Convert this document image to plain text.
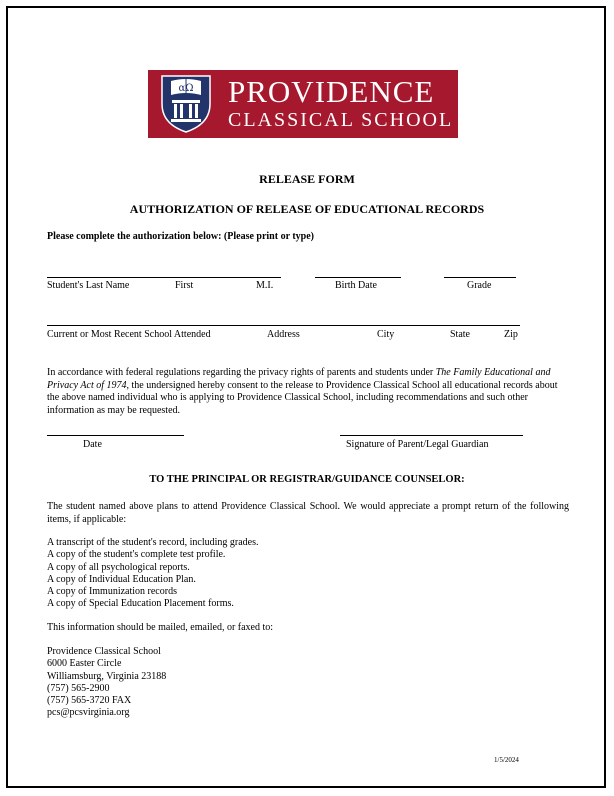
αΩ PROVIDENCE
CLASSICAL SCHOOL
RELEASE FORM
AUTHORIZATION OF RELEASE OF EDUCATIONAL RECORDS
Please complete the authorization below: (Please print or type)
Student's Last Name	First	M.I.	Birth Date	Grade
Current or Most Recent School Attended	Address	City	State	Zip
In accordance with federal regulations regarding the privacy rights of parents and students under The Family Educational and Privacy Act of 1974, the undersigned hereby consent to the release to Providence Classical School all educational records about the above named individual who is applying to Providence Classical School, including recommendations and such other information as may be requested.
Date	Signature of Parent/Legal Guardian
TO THE PRINCIPAL OR REGISTRAR/GUIDANCE COUNSELOR:
The student named above plans to attend Providence Classical School. We would appreciate a prompt return of the following items, if applicable:
A transcript of the student's record, including grades.
A copy of the student's complete test profile.
A copy of all psychological reports.
A copy of Individual Education Plan.
A copy of Immunization records
A copy of Special Education Placement forms.
This information should be mailed, emailed, or faxed to:
Providence Classical School
6000 Easter Circle
Williamsburg, Virginia 23188
(757) 565-2900
(757) 565-3720 FAX
pcs@pcsvirginia.org
1/5/2024
